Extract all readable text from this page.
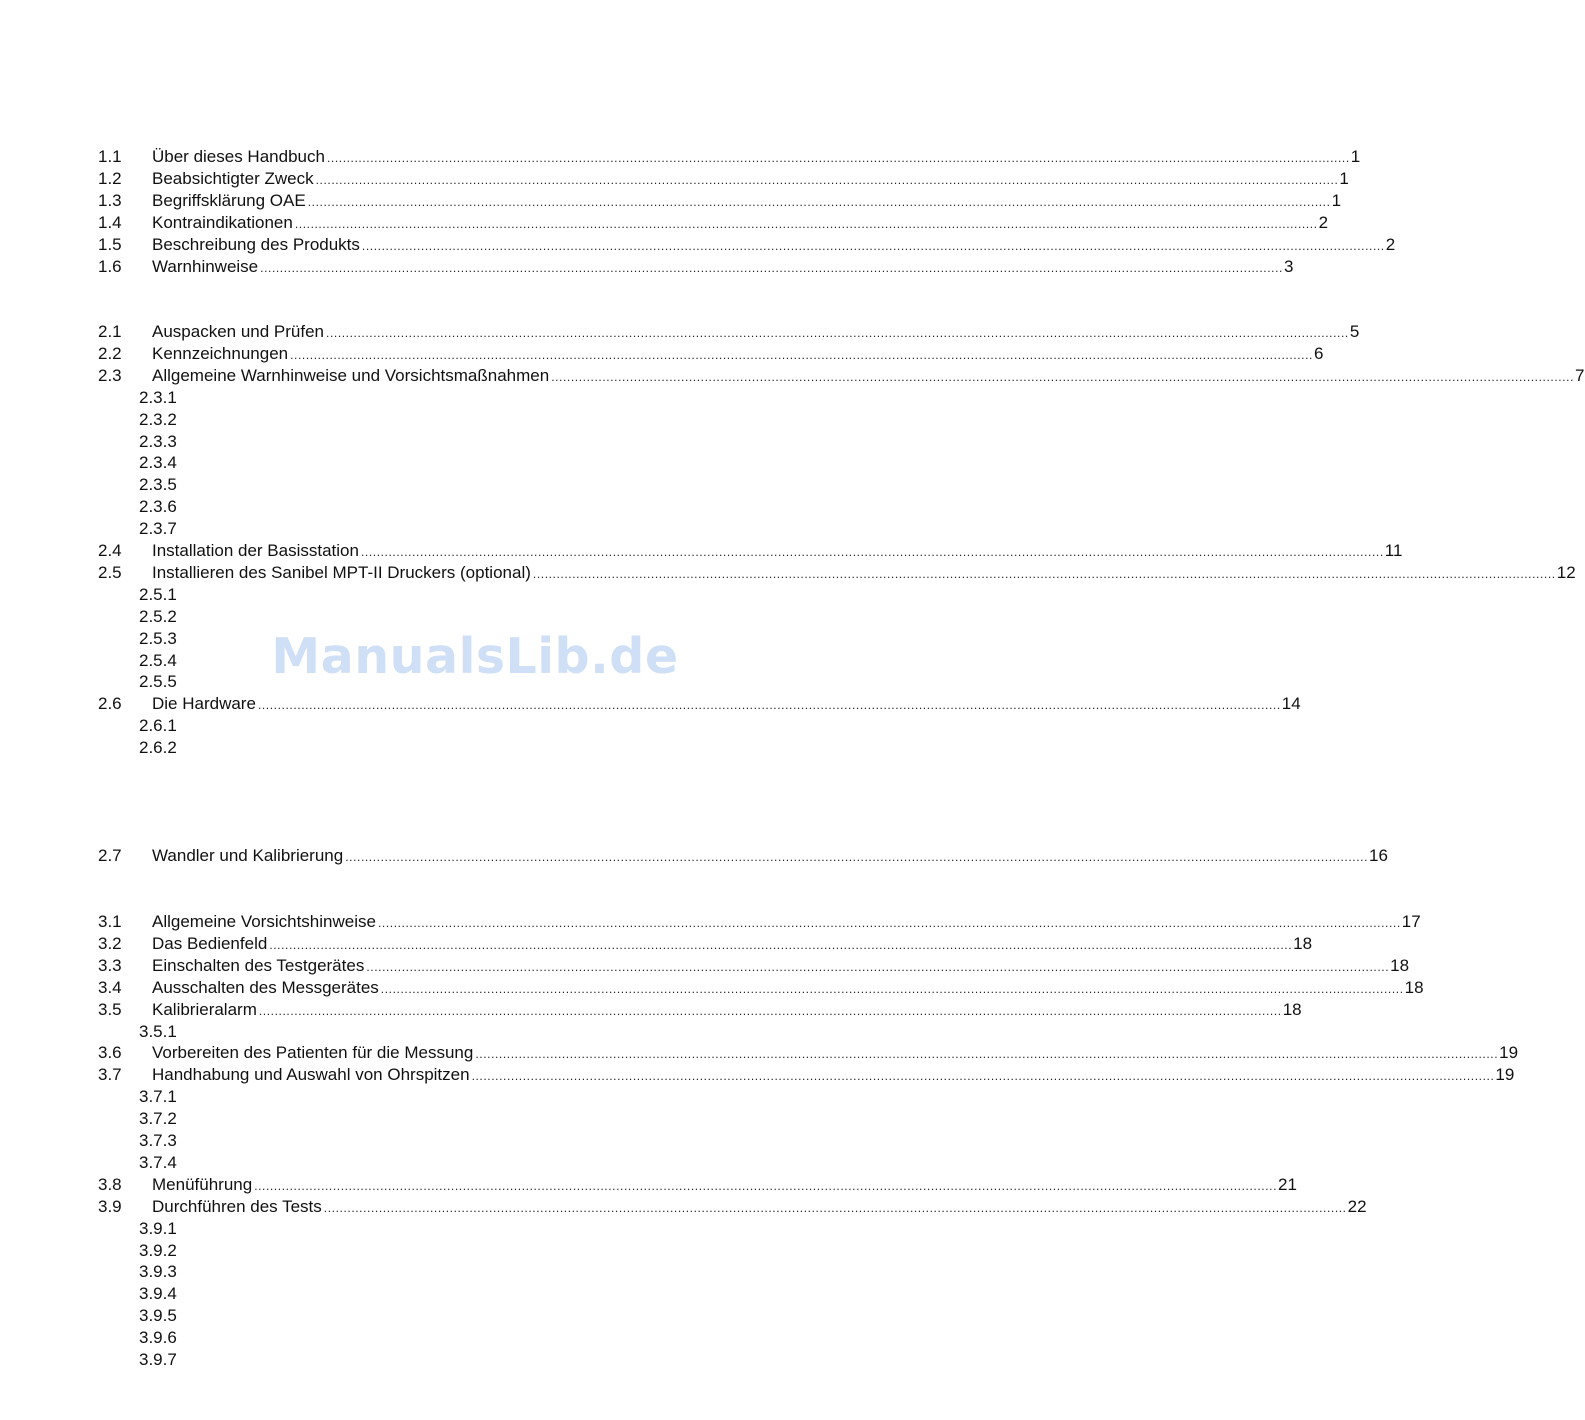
1.1	Über dieses Handbuch .................................................................................................................................................................................................................................................................... 1
1.2	Beabsichtigter Zweck .................................................................................................................................................................................................................................................................... 1
1.3	Begriffsklärung OAE .................................................................................................................................................................................................................................................................... 1
1.4	Kontraindikationen .................................................................................................................................................................................................................................................................... 2
1.5	Beschreibung des Produkts .................................................................................................................................................................................................................................................................... 2
1.6	Warnhinweise .................................................................................................................................................................................................................................................................... 3
2.1	Auspacken und Prüfen .................................................................................................................................................................................................................................................................... 5
2.2	Kennzeichnungen .................................................................................................................................................................................................................................................................... 6
2.3	Allgemeine Warnhinweise und Vorsichtsmaßnahmen .................................................................................................................................................................................................................................................................... 7
2.3.1
2.3.2
2.3.3
2.3.4
2.3.5
2.3.6
2.3.7
2.4	Installation der Basisstation .................................................................................................................................................................................................................................................................... 11
2.5	Installieren des Sanibel MPT-II Druckers (optional) .................................................................................................................................................................................................................................................................... 12
2.5.1
2.5.2
2.5.3
2.5.4
2.5.5
2.6	Die Hardware .................................................................................................................................................................................................................................................................... 14
2.6.1
2.6.2
2.7	Wandler und Kalibrierung .................................................................................................................................................................................................................................................................... 16
3.1	Allgemeine Vorsichtshinweise .................................................................................................................................................................................................................................................................... 17
3.2	Das Bedienfeld .................................................................................................................................................................................................................................................................... 18
3.3	Einschalten des Testgerätes .................................................................................................................................................................................................................................................................... 18
3.4	Ausschalten des Messgerätes .................................................................................................................................................................................................................................................................... 18
3.5	Kalibrieralarm .................................................................................................................................................................................................................................................................... 18
3.5.1
3.6	Vorbereiten des Patienten für die Messung .................................................................................................................................................................................................................................................................... 19
3.7	Handhabung und Auswahl von Ohrspitzen .................................................................................................................................................................................................................................................................... 19
3.7.1
3.7.2
3.7.3
3.7.4
3.8	Menüführung .................................................................................................................................................................................................................................................................... 21
3.9	Durchführen des Tests .................................................................................................................................................................................................................................................................... 22
3.9.1
3.9.2
3.9.3
3.9.4
3.9.5
3.9.6
3.9.7
ManualsLib.de
